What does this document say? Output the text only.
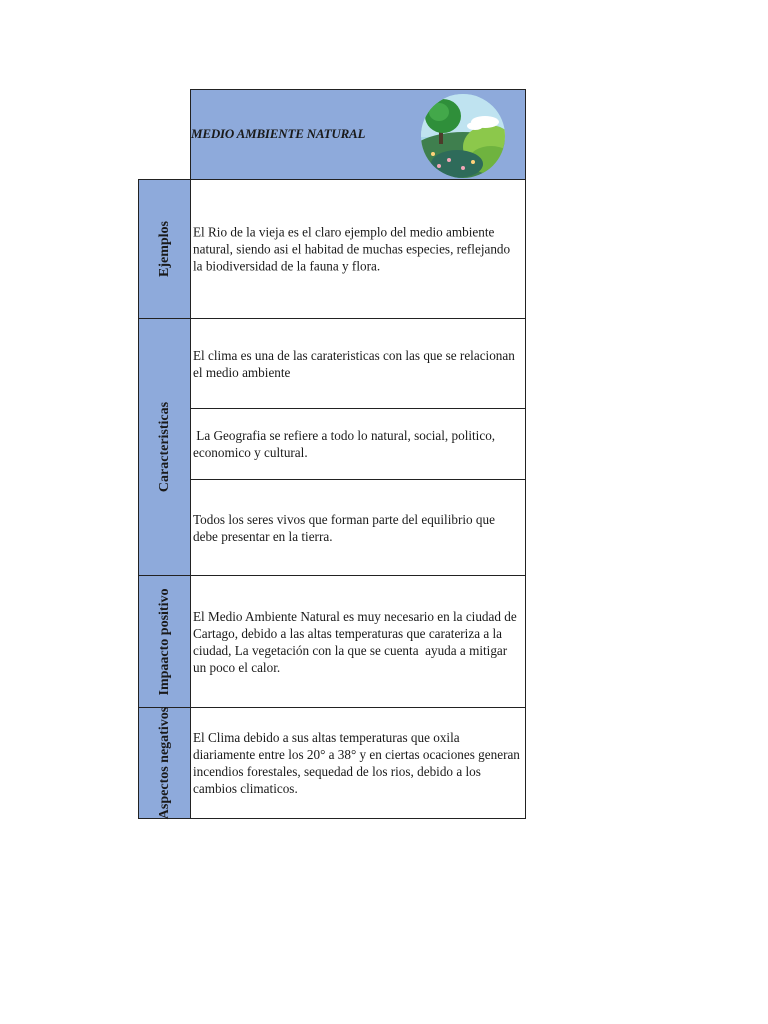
MEDIO AMBIENTE NATURAL
Ejemplos El Rio de la vieja es el claro ejemplo del medio ambiente natural, siendo asi el habitad de muchas especies, reflejando la biodiversidad de la fauna y flora.
Caracteristicas
El clima es una de las carateristicas con las que se relacionan el medio ambiente
La Geografia se refiere a todo lo natural, social, politico, economico y cultural.
Todos los seres vivos que forman parte del equilibrio que debe presentar en la tierra.
Impaacto positivo El Medio Ambiente Natural es muy necesario en la ciudad de Cartago, debido a las altas temperaturas que carateriza a la ciudad, La vegetación con la que se cuenta  ayuda a mitigar un poco el calor.
Aspectos negativos El Clima debido a sus altas temperaturas que oxila diariamente entre los 20° a 38° y en ciertas ocaciones generan incendios forestales, sequedad de los rios, debido a los cambios climaticos.
